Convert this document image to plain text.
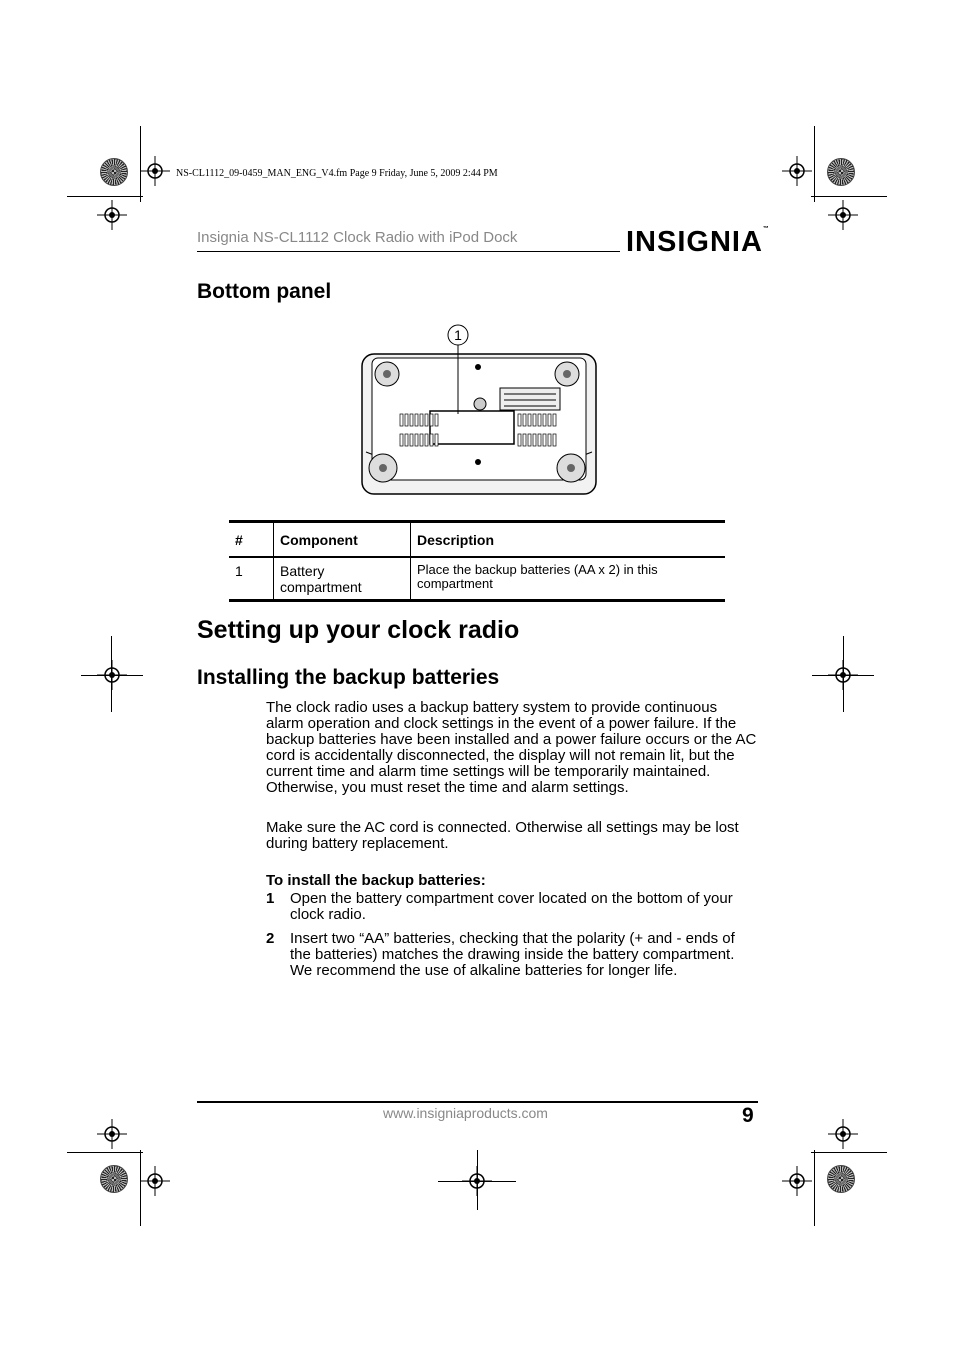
NS-CL1112_09-0459_MAN_ENG_V4.fm Page 9 Friday, June 5, 2009 2:44 PM
Insignia NS-CL1112 Clock Radio with iPod Dock	INSIGNIA™
Bottom panel
1
#	Component	Description
1	Battery compartment	Place the backup batteries (AA x 2) in this compartment
Setting up your clock radio
Installing the backup batteries

The clock radio uses a backup battery system to provide continuous alarm operation and clock settings in the event of a power failure. If the backup batteries have been installed and a power failure occurs or the AC cord is accidentally disconnected, the display will not remain lit, but the current time and alarm time settings will be temporarily maintained. Otherwise, you must reset the time and alarm settings.

Make sure the AC cord is connected. Otherwise all settings may be lost during battery replacement.

To install the backup batteries:
1 Open the battery compartment cover located on the bottom of your clock radio.
2 Insert two “AA” batteries, checking that the polarity (+ and - ends of the batteries) matches the drawing inside the battery compartment. We recommend the use of alkaline batteries for longer life.
www.insigniaproducts.com	9
